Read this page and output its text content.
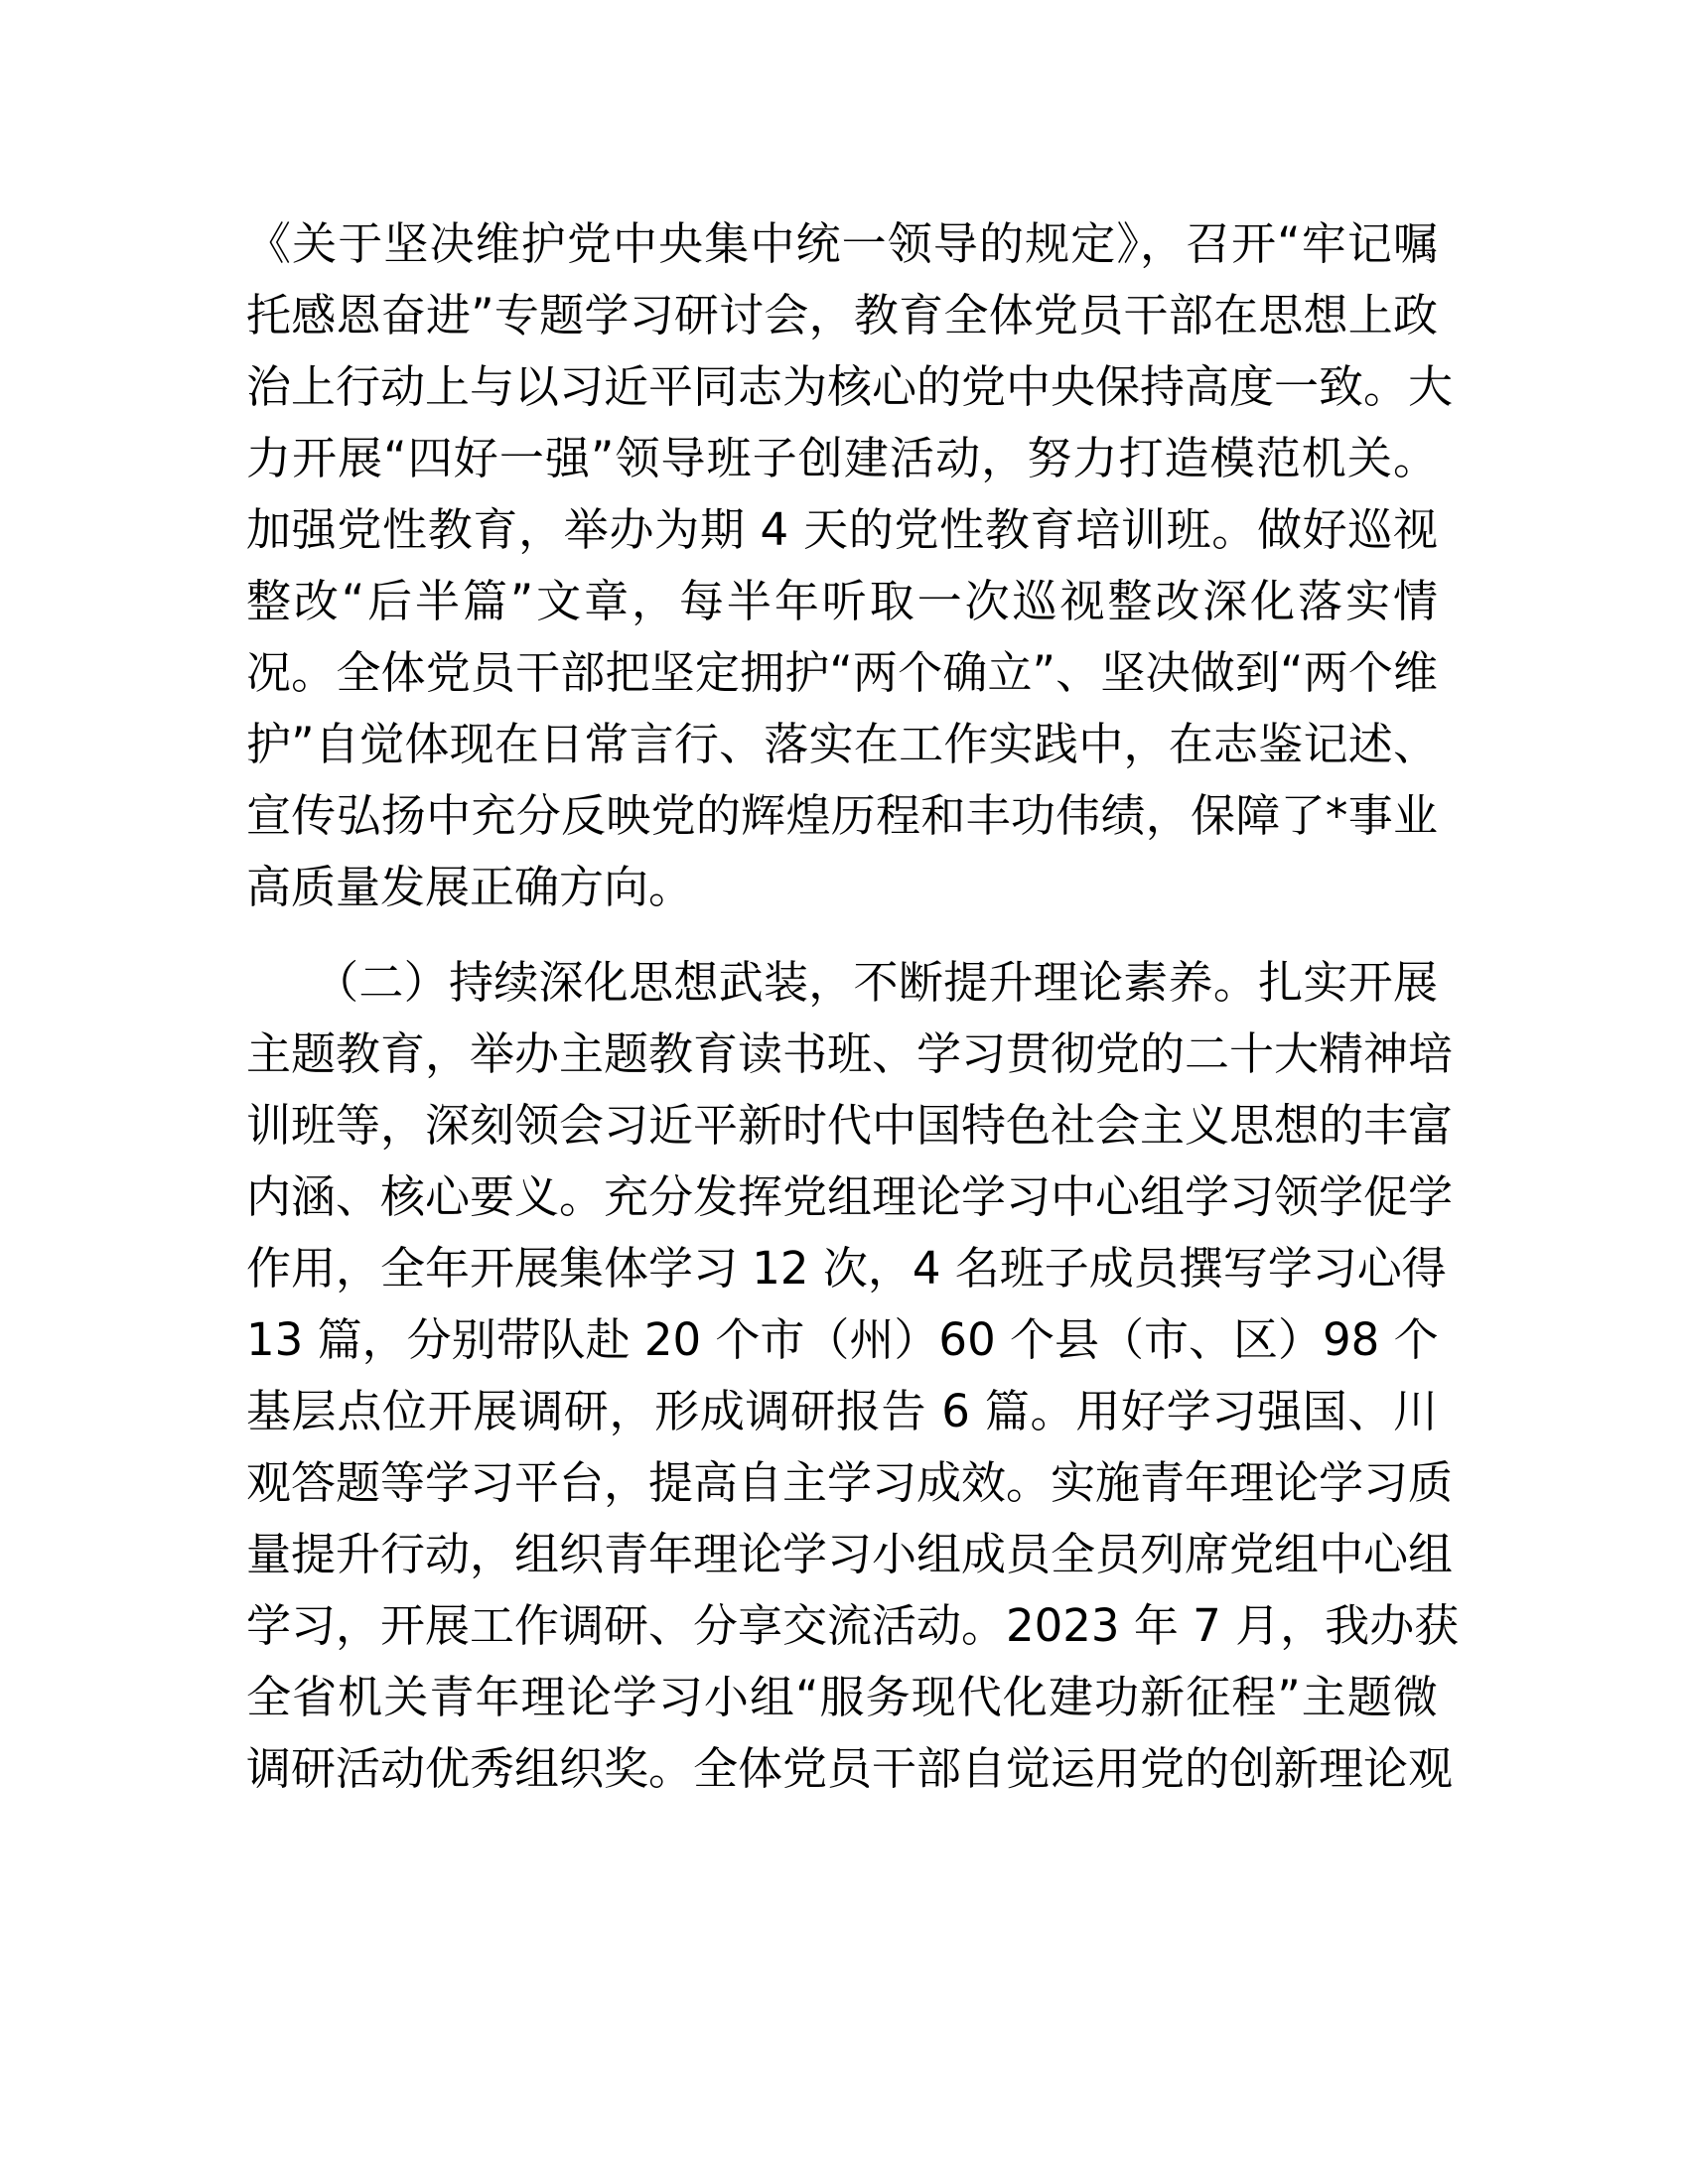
《关于坚决维护党中央集中统一领导的规定》，召开“牢记嘱
托感恩奋进”专题学习研讨会，教育全体党员干部在思想上政
治上行动上与以习近平同志为核心的党中央保持高度一致。大
力开展“四好一强”领导班子创建活动，努力打造模范机关。
加强党性教育，举办为期 4 天的党性教育培训班。做好巡视
整改“后半篇”文章，每半年听取一次巡视整改深化落实情
况。全体党员干部把坚定拥护“两个确立”、坚决做到“两个维
护”自觉体现在日常言行、落实在工作实践中，在志鉴记述、
宣传弘扬中充分反映党的辉煌历程和丰功伟绩，保障了*事业
高质量发展正确方向。
　　（二）持续深化思想武装，不断提升理论素养。扎实开展
主题教育，举办主题教育读书班、学习贯彻党的二十大精神培
训班等，深刻领会习近平新时代中国特色社会主义思想的丰富
内涵、核心要义。充分发挥党组理论学习中心组学习领学促学
作用，全年开展集体学习 12 次，4 名班子成员撰写学习心得
13 篇，分别带队赴 20 个市（州）60 个县（市、区）98 个
基层点位开展调研，形成调研报告 6 篇。用好学习强国、川
观答题等学习平台，提高自主学习成效。实施青年理论学习质
量提升行动，组织青年理论学习小组成员全员列席党组中心组
学习，开展工作调研、分享交流活动。2023 年 7 月，我办获
全省机关青年理论学习小组“服务现代化建功新征程”主题微
调研活动优秀组织奖。全体党员干部自觉运用党的创新理论观
